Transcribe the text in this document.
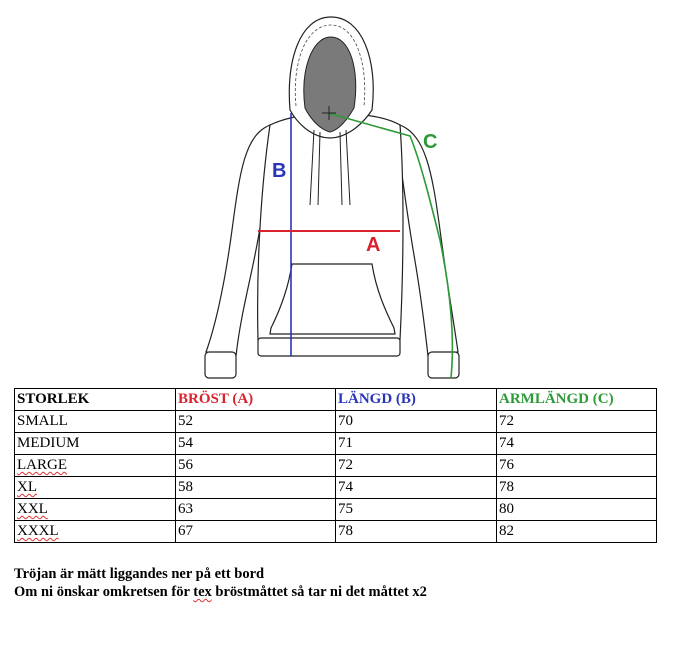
B
A
C
STORLEK	BRÖST (A)	LÄNGD (B)	ARMLÄNGD (C)
SMALL	52	70	72
MEDIUM	54	71	74
LARGE	56	72	76
XL	58	74	78
XXL	63	75	80
XXXL	67	78	82
Tröjan är mätt liggandes ner på ett bord
Om ni önskar omkretsen för tex bröstmåttet så tar ni det måttet x2
